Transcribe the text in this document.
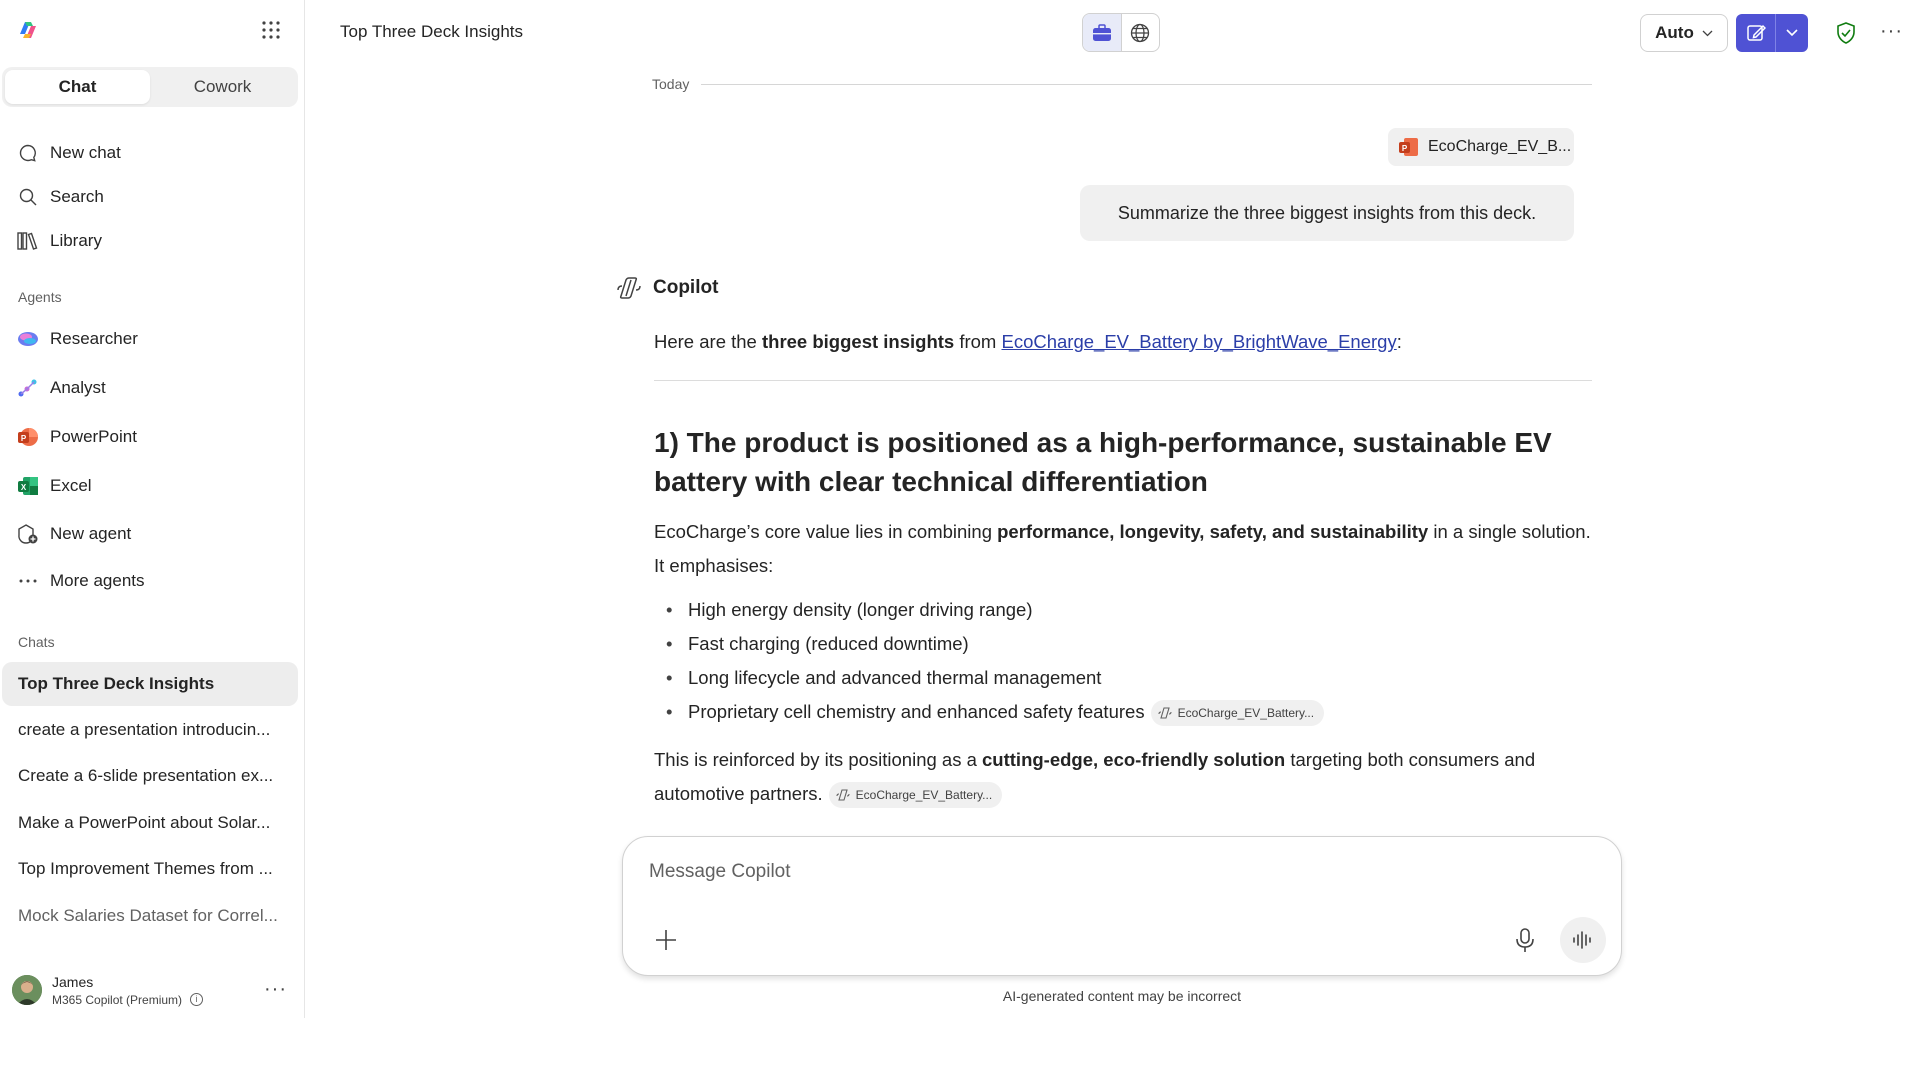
Chat	Cowork
New chat
Search
Library
Agents
Researcher
Analyst
P PowerPoint
X Excel
New agent
More agents
Chats
Top Three Deck Insights
create a presentation introducin...
Create a 6-slide presentation ex...
Make a PowerPoint about Solar...
Top Improvement Themes from ...
Mock Salaries Dataset for Correl...
James
M365 Copilot (Premium)	i	···
Top Three Deck Insights	Auto	···
Today
P EcoCharge_EV_B...
Summarize the three biggest insights from this deck.
Copilot
Here are the three biggest insights from EcoCharge_EV_Battery by_BrightWave_Energy:
1) The product is positioned as a high-performance, sustainable EV battery with clear technical differentiation
EcoCharge’s core value lies in combining performance, longevity, safety, and sustainability in a single solution. It emphasises:
• High energy density (longer driving range)
• Fast charging (reduced downtime)
• Long lifecycle and advanced thermal management
• Proprietary cell chemistry and enhanced safety features	EcoCharge_EV_Battery...
This is reinforced by its positioning as a cutting-edge, eco-friendly solution targeting both consumers and automotive partners.	EcoCharge_EV_Battery...
Message Copilot
AI-generated content may be incorrect
